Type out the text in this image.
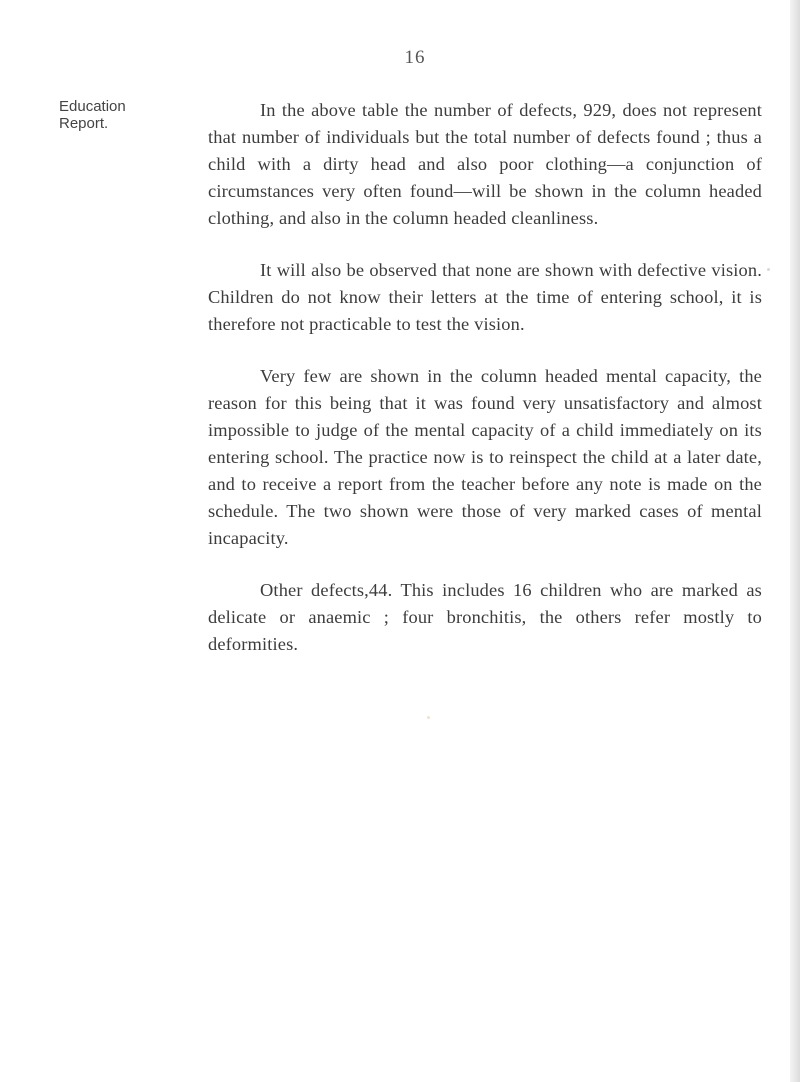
16
Education
Report.

In the above table the number of defects, 929, does not represent that number of individuals but the total number of defects found ; thus a child with a dirty head and also poor clothing—a conjunction of circumstances very often found—will be shown in the column headed clothing, and also in the column headed cleanliness.

It will also be observed that none are shown with defective vision. Children do not know their letters at the time of entering school, it is therefore not practicable to test the vision.

Very few are shown in the column headed mental capacity, the reason for this being that it was found very unsatisfactory and almost impossible to judge of the mental capacity of a child immediately on its entering school. The practice now is to reinspect the child at a later date, and to receive a report from the teacher before any note is made on the schedule. The two shown were those of very marked cases of mental incapacity.

Other defects,44. This includes 16 children who are marked as delicate or anaemic ; four bronchitis, the others refer mostly to deformities.
